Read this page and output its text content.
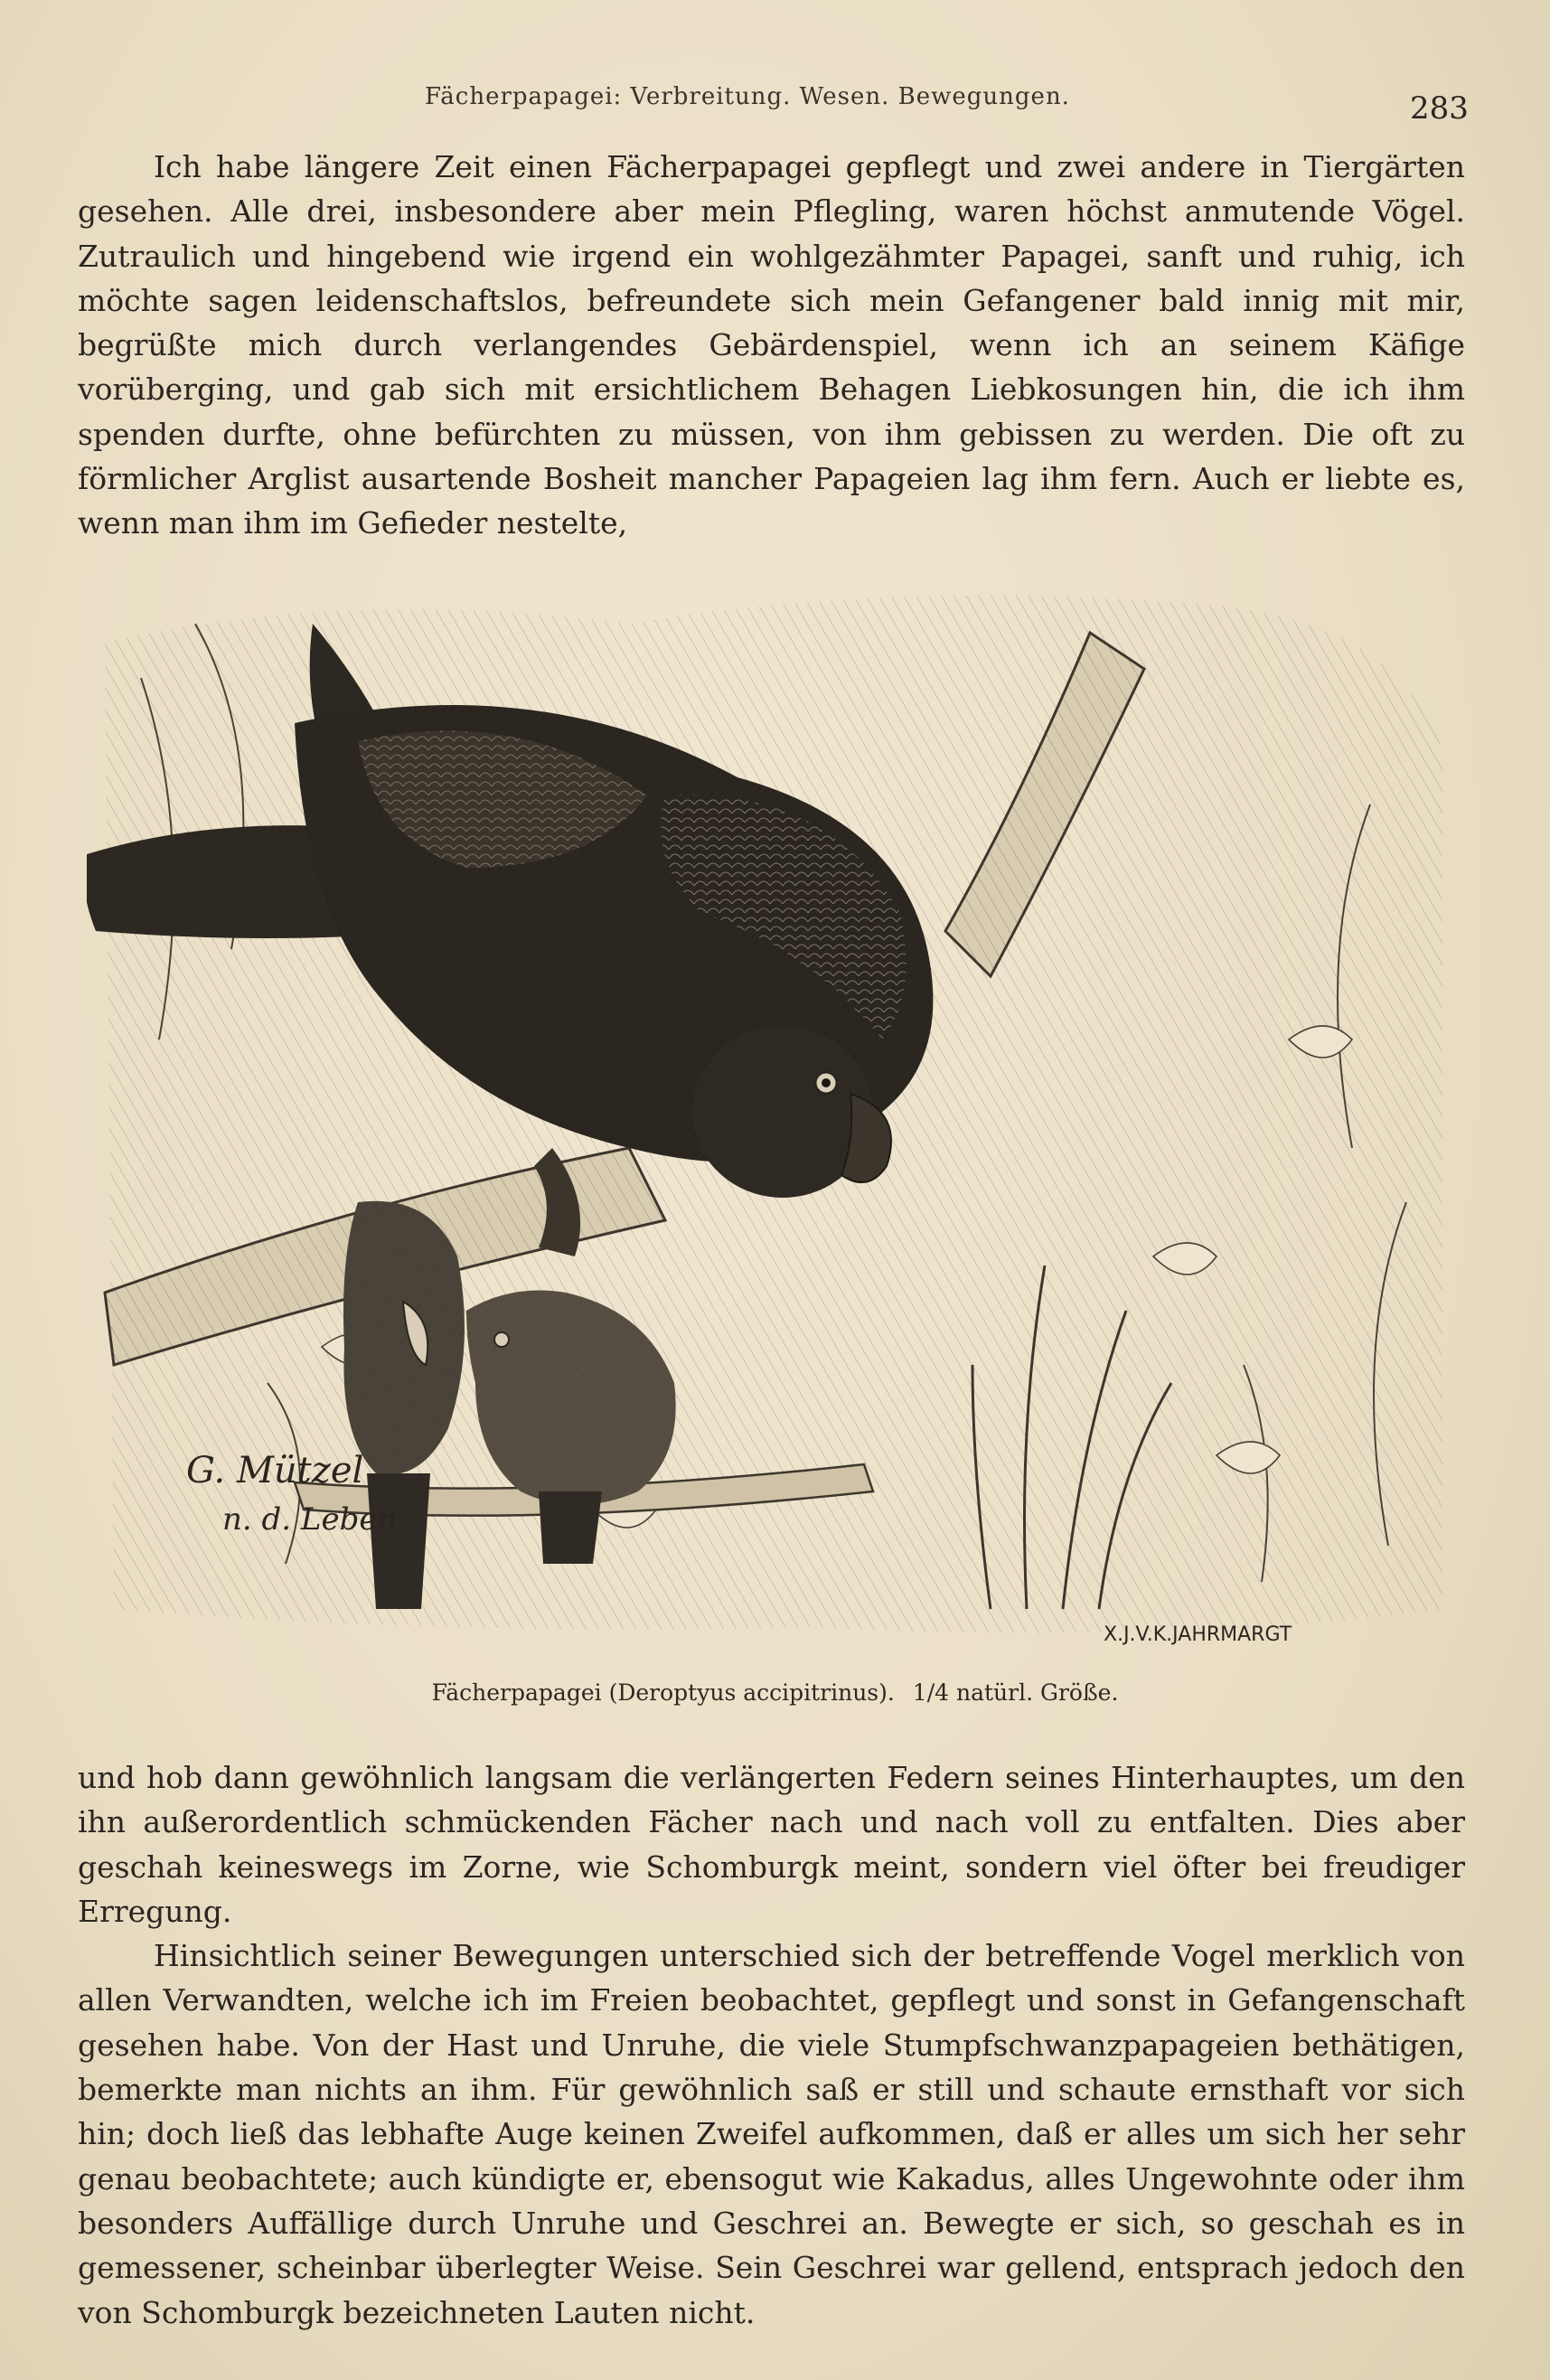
Fächerpapagei: Verbreitung. Wesen. Bewegungen.	283

Ich habe längere Zeit einen Fächerpapagei gepflegt und zwei andere in Tiergärten gesehen. Alle drei, insbesondere aber mein Pflegling, waren höchst anmutende Vögel. Zutraulich und hingebend wie irgend ein wohlgezähmter Papagei, sanft und ruhig, ich möchte sagen leidenschaftslos, befreundete sich mein Gefangener bald innig mit mir, begrüßte mich durch verlangendes Gebärdenspiel, wenn ich an seinem Käfige vorüberging, und gab sich mit ersichtlichem Behagen Liebkosungen hin, die ich ihm spenden durfte, ohne befürchten zu müssen, von ihm gebissen zu werden. Die oft zu förmlicher Arglist ausartende Bosheit mancher Papageien lag ihm fern. Auch er liebte es, wenn man ihm im Gefieder nestelte,

G. Mützel
n. d. Leben
X.J.V.K.JAHRMARGT
Fächerpapagei (Deroptyus accipitrinus). 1/4 natürl. Größe.

und hob dann gewöhnlich langsam die verlängerten Federn seines Hinterhauptes, um den ihn außerordentlich schmückenden Fächer nach und nach voll zu entfalten. Dies aber geschah keineswegs im Zorne, wie Schomburgk meint, sondern viel öfter bei freudiger Erregung.

Hinsichtlich seiner Bewegungen unterschied sich der betreffende Vogel merklich von allen Verwandten, welche ich im Freien beobachtet, gepflegt und sonst in Gefangenschaft gesehen habe. Von der Hast und Unruhe, die viele Stumpfschwanzpapageien bethätigen, bemerkte man nichts an ihm. Für gewöhnlich saß er still und schaute ernsthaft vor sich hin; doch ließ das lebhafte Auge keinen Zweifel aufkommen, daß er alles um sich her sehr genau beobachtete; auch kündigte er, ebensogut wie Kakadus, alles Ungewohnte oder ihm besonders Auffällige durch Unruhe und Geschrei an. Bewegte er sich, so geschah es in gemessener, scheinbar überlegter Weise. Sein Geschrei war gellend, entsprach jedoch den von Schomburgk bezeichneten Lauten nicht.
